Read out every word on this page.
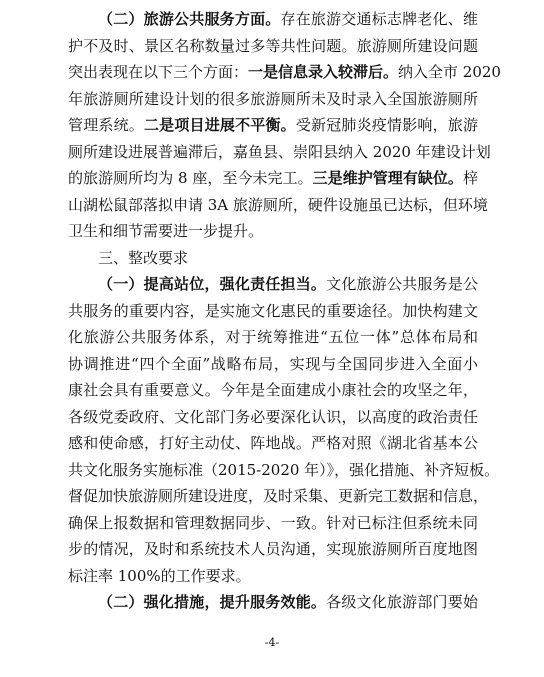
（二）旅游公共服务方面。存在旅游交通标志牌老化、维
护不及时、景区名称数量过多等共性问题。旅游厕所建设问题
突出表现在以下三个方面：一是信息录入较滞后。纳入全市 2020
年旅游厕所建设计划的很多旅游厕所未及时录入全国旅游厕所
管理系统。二是项目进展不平衡。受新冠肺炎疫情影响，旅游
厕所建设进展普遍滞后，嘉鱼县、崇阳县纳入 2020 年建设计划
的旅游厕所均为 8 座，至今未完工。三是维护管理有缺位。梓
山湖松鼠部落拟申请 3A 旅游厕所，硬件设施虽已达标，但环境
卫生和细节需要进一步提升。
三、整改要求
（一）提高站位，强化责任担当。文化旅游公共服务是公
共服务的重要内容，是实施文化惠民的重要途径。加快构建文
化旅游公共服务体系，对于统筹推进“五位一体”总体布局和
协调推进“四个全面”战略布局，实现与全国同步进入全面小
康社会具有重要意义。今年是全面建成小康社会的攻坚之年，
各级党委政府、文化部门务必要深化认识，以高度的政治责任
感和使命感，打好主动仗、阵地战。严格对照《湖北省基本公
共文化服务实施标准（2015-2020 年）》，强化措施、补齐短板。
督促加快旅游厕所建设进度，及时采集、更新完工数据和信息，
确保上报数据和管理数据同步、一致。针对已标注但系统未同
步的情况，及时和系统技术人员沟通，实现旅游厕所百度地图
标注率 100%的工作要求。
（二）强化措施，提升服务效能。各级文化旅游部门要始
-4-
